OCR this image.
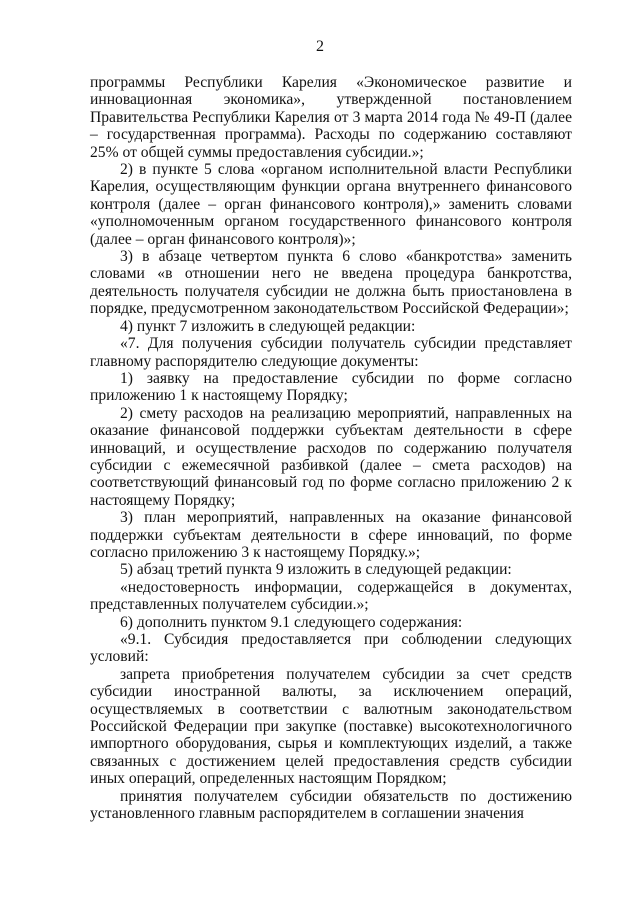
2

программы Республики Карелия «Экономическое развитие и инновационная экономика», утвержденной постановлением Правительства Республики Карелия от 3 марта 2014 года № 49-П (далее – государственная программа). Расходы по содержанию составляют 25% от общей суммы предоставления субсидии.»;

2) в пункте 5 слова «органом исполнительной власти Республики Карелия, осуществляющим функции органа внутреннего финансового контроля (далее – орган финансового контроля),» заменить словами «уполномоченным органом государственного финансового контроля (далее – орган финансового контроля)»;

3) в абзаце четвертом пункта 6 слово «банкротства» заменить словами «в отношении него не введена процедура банкротства, деятельность получателя субсидии не должна быть приостановлена в порядке, предусмотренном законодательством Российской Федерации»;

4) пункт 7 изложить в следующей редакции:

«7. Для получения субсидии получатель субсидии представляет главному распорядителю следующие документы:

1) заявку на предоставление субсидии по форме согласно приложению 1 к настоящему Порядку;

2) смету расходов на реализацию мероприятий, направленных на оказание финансовой поддержки субъектам деятельности в сфере инноваций, и осуществление расходов по содержанию получателя субсидии с ежемесячной разбивкой (далее – смета расходов) на соответствующий финансовый год по форме согласно приложению 2 к настоящему Порядку;

3) план мероприятий, направленных на оказание финансовой поддержки субъектам деятельности в сфере инноваций, по форме согласно приложению 3 к настоящему Порядку.»;

5) абзац третий пункта 9 изложить в следующей редакции:

«недостоверность информации, содержащейся в документах, представленных получателем субсидии.»;

6) дополнить пунктом 9.1 следующего содержания:

«9.1. Субсидия предоставляется при соблюдении следующих условий:

запрета приобретения получателем субсидии за счет средств субсидии иностранной валюты, за исключением операций, осуществляемых в соответствии с валютным законодательством Российской Федерации при закупке (поставке) высокотехнологичного импортного оборудования, сырья и комплектующих изделий, а также связанных с достижением целей предоставления средств субсидии иных операций, определенных настоящим Порядком;

принятия получателем субсидии обязательств по достижению установленного главным распорядителем в соглашении значения
